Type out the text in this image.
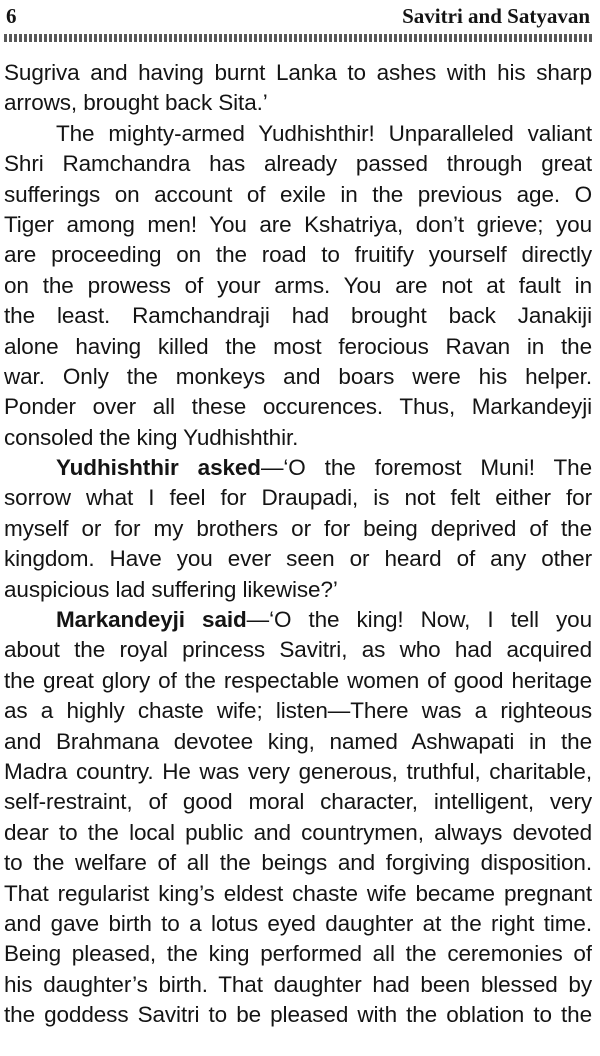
6	Savitri and Satyavan
Sugriva and having burnt Lanka to ashes with his sharp
arrows, brought back Sita.’
The mighty-armed Yudhishthir! Unparalleled valiant
Shri Ramchandra has already passed through great
sufferings on account of exile in the previous age. O
Tiger among men! You are Kshatriya, don’t grieve; you
are proceeding on the road to fruitify yourself directly
on the prowess of your arms. You are not at fault in
the least. Ramchandraji had brought back Janakiji
alone having killed the most ferocious Ravan in the
war. Only the monkeys and boars were his helper.
Ponder over all these occurences. Thus, Markandeyji
consoled the king Yudhishthir.
Yudhishthir asked—‘O the foremost Muni! The
sorrow what I feel for Draupadi, is not felt either for
myself or for my brothers or for being deprived of the
kingdom. Have you ever seen or heard of any other
auspicious lad suffering likewise?’
Markandeyji said—‘O the king! Now, I tell you
about the royal princess Savitri, as who had acquired
the great glory of the respectable women of good heritage
as a highly chaste wife; listen—There was a righteous
and Brahmana devotee king, named Ashwapati in the
Madra country. He was very generous, truthful, charitable,
self-restraint, of good moral character, intelligent, very
dear to the local public and countrymen, always devoted
to the welfare of all the beings and forgiving disposition.
That regularist king’s eldest chaste wife became pregnant
and gave birth to a lotus eyed daughter at the right time.
Being pleased, the king performed all the ceremonies of
his daughter’s birth. That daughter had been blessed by
the goddess Savitri to be pleased with the oblation to the
